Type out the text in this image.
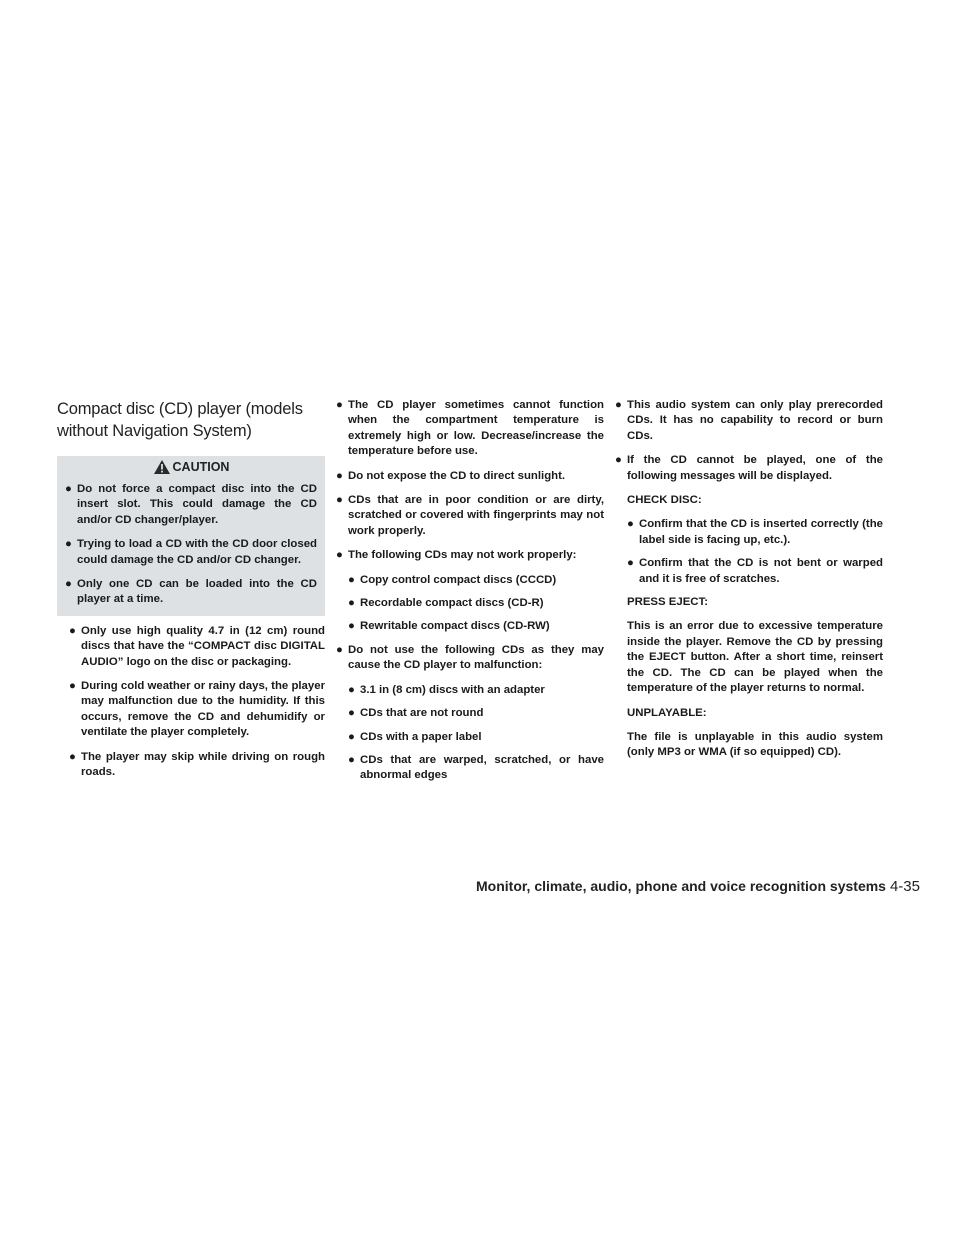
Compact disc (CD) player (models without Navigation System)
CAUTION
● Do not force a compact disc into the CD insert slot. This could damage the CD and/or CD changer/player.
● Trying to load a CD with the CD door closed could damage the CD and/or CD changer.
● Only one CD can be loaded into the CD player at a time.
● Only use high quality 4.7 in (12 cm) round discs that have the “COMPACT disc DIGITAL AUDIO” logo on the disc or packaging.
● During cold weather or rainy days, the player may malfunction due to the humidity. If this occurs, remove the CD and dehumidify or ventilate the player completely.
● The player may skip while driving on rough roads.
● The CD player sometimes cannot function when the compartment temperature is extremely high or low. Decrease/increase the temperature before use.
● Do not expose the CD to direct sunlight.
● CDs that are in poor condition or are dirty, scratched or covered with fingerprints may not work properly.
● The following CDs may not work properly:
● Copy control compact discs (CCCD)
● Recordable compact discs (CD-R)
● Rewritable compact discs (CD-RW)
● Do not use the following CDs as they may cause the CD player to malfunction:
● 3.1 in (8 cm) discs with an adapter
● CDs that are not round
● CDs with a paper label
● CDs that are warped, scratched, or have abnormal edges
● This audio system can only play prerecorded CDs. It has no capability to record or burn CDs.
● If the CD cannot be played, one of the following messages will be displayed.
CHECK DISC:
● Confirm that the CD is inserted correctly (the label side is facing up, etc.).
● Confirm that the CD is not bent or warped and it is free of scratches.
PRESS EJECT:
This is an error due to excessive temperature inside the player. Remove the CD by pressing the EJECT button. After a short time, reinsert the CD. The CD can be played when the temperature of the player returns to normal.
UNPLAYABLE:
The file is unplayable in this audio system (only MP3 or WMA (if so equipped) CD).
Monitor, climate, audio, phone and voice recognition systems 4-35
